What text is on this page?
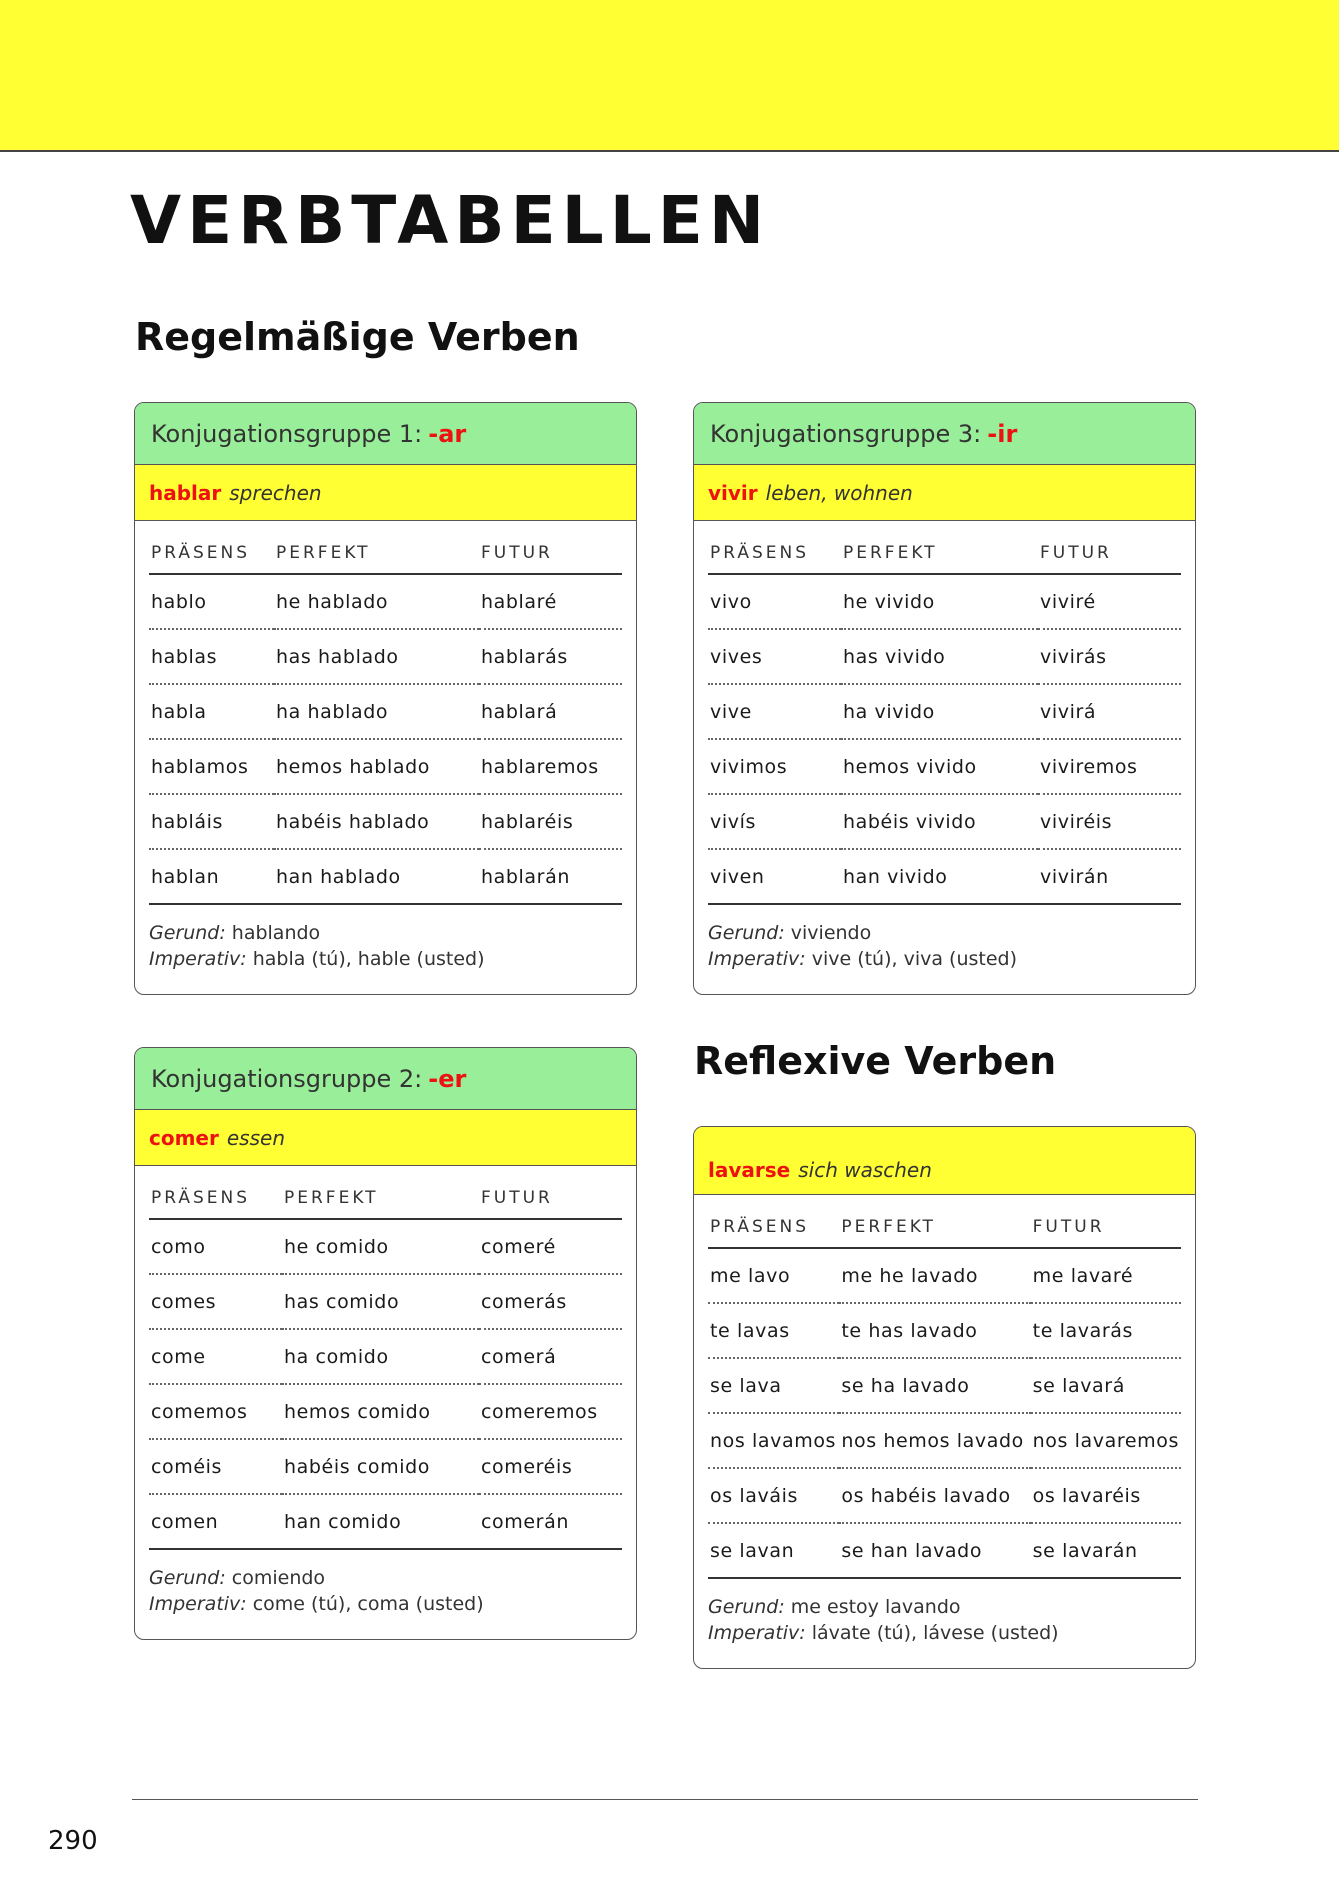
VERBTABELLEN
Regelmäßige Verben
Konjugationsgruppe 1: -ar
hablar sprechen
PRÄSENS	PERFEKT	FUTUR
hablo	he hablado	hablaré
hablas	has hablado	hablarás
habla	ha hablado	hablará
hablamos	hemos hablado	hablaremos
habláis	habéis hablado	hablaréis
hablan	han hablado	hablarán
Gerund: hablando
Imperativ: habla (tú), hable (usted)
Konjugationsgruppe 3: -ir
vivir leben, wohnen
PRÄSENS	PERFEKT	FUTUR
vivo	he vivido	viviré
vives	has vivido	vivirás
vive	ha vivido	vivirá
vivimos	hemos vivido	viviremos
vivís	habéis vivido	viviréis
viven	han vivido	vivirán
Gerund: viviendo
Imperativ: vive (tú), viva (usted)
Konjugationsgruppe 2: -er
comer essen
PRÄSENS	PERFEKT	FUTUR
como	he comido	comeré
comes	has comido	comerás
come	ha comido	comerá
comemos	hemos comido	comeremos
coméis	habéis comido	comeréis
comen	han comido	comerán
Gerund: comiendo
Imperativ: come (tú), coma (usted)
Reflexive Verben
lavarse sich waschen
PRÄSENS	PERFEKT	FUTUR
me lavo	me he lavado	me lavaré
te lavas	te has lavado	te lavarás
se lava	se ha lavado	se lavará
nos lavamos	nos hemos lavado	nos lavaremos
os laváis	os habéis lavado	os lavaréis
se lavan	se han lavado	se lavarán
Gerund: me estoy lavando
Imperativ: lávate (tú), lávese (usted)
290
